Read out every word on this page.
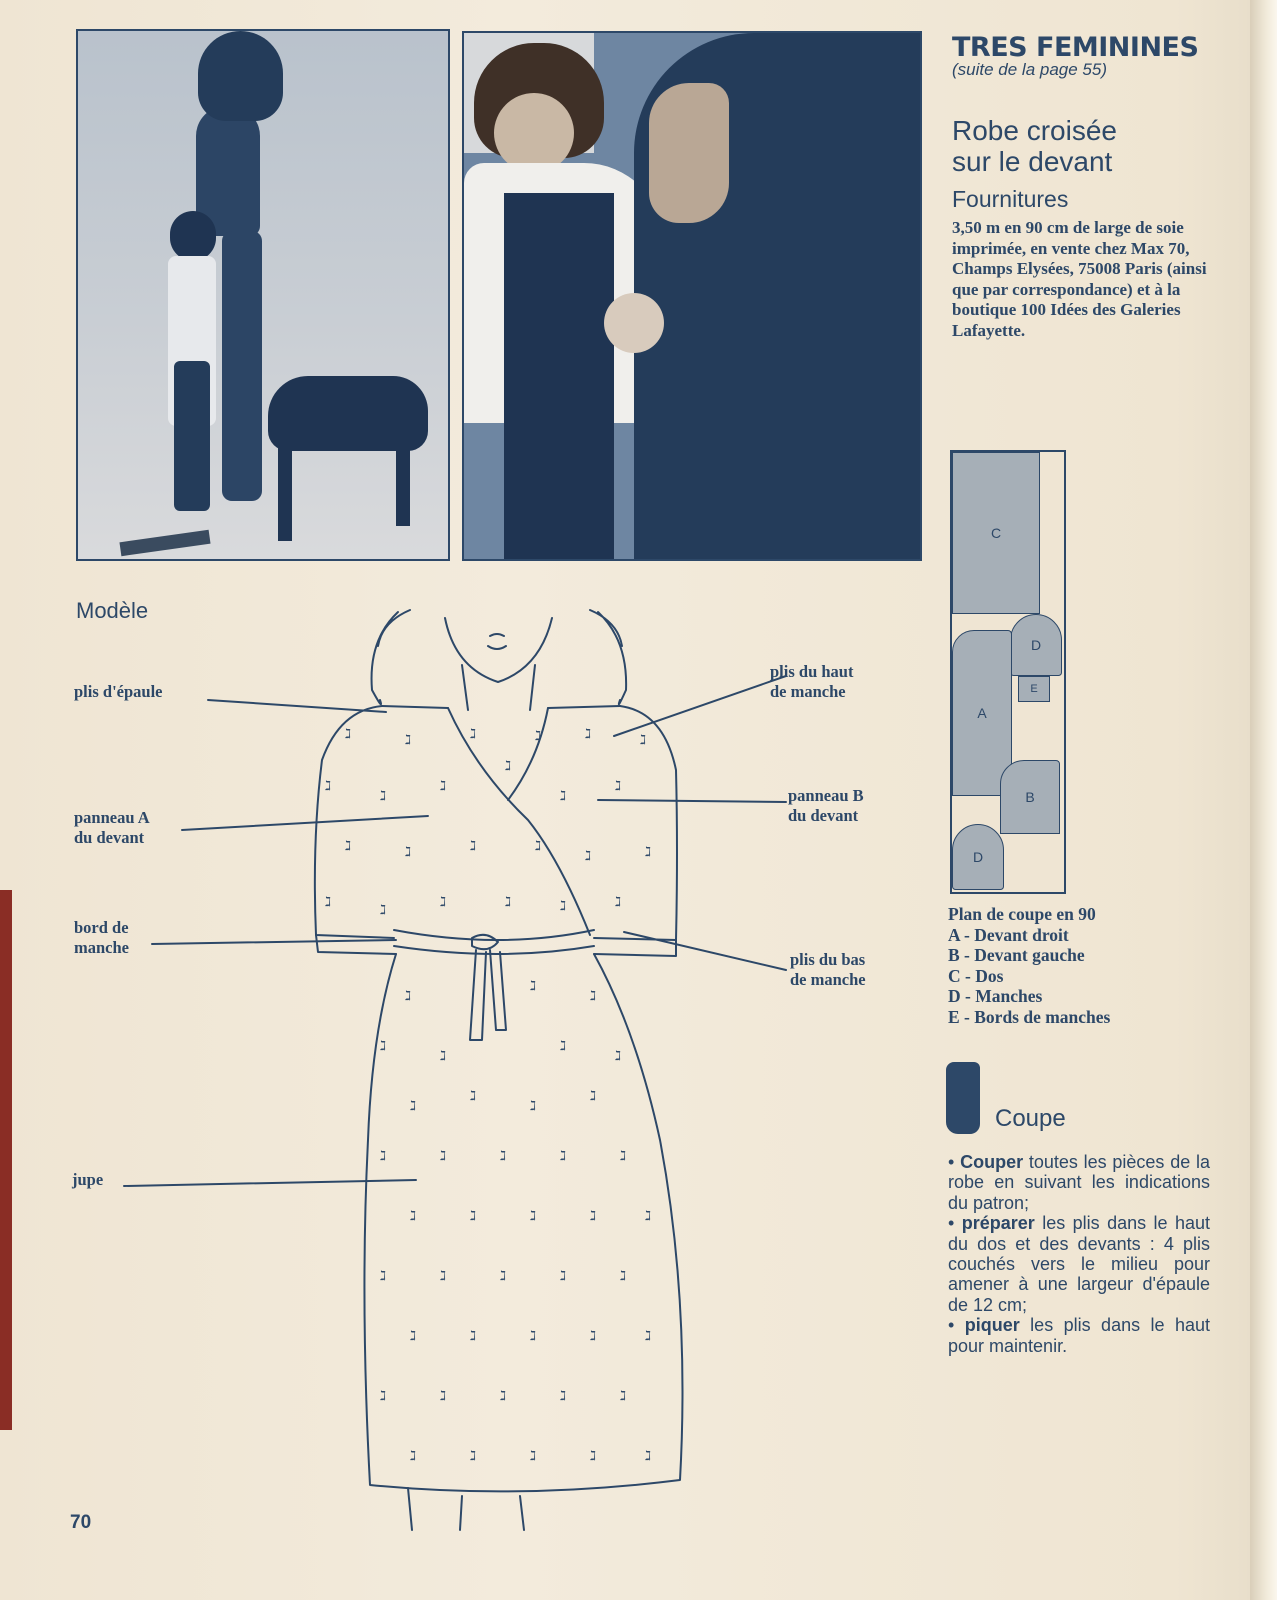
TRES FEMININES
(suite de la page 55)
Robe croisée
sur le devant
Fournitures
3,50 m en 90 cm de large de soie imprimée, en vente chez Max 70, Champs Elysées, 75008 Paris (ainsi que par correspondance) et à la boutique 100 Idées des Galeries Lafayette.
C
D
E
A
B
D
Plan de coupe en 90
A - Devant droit
B - Devant gauche
C - Dos
D - Manches
E - Bords de manches
Coupe
• Couper toutes les pièces de la robe en suivant les indications du patron;
• préparer les plis dans le haut du dos et des devants : 4 plis couchés vers le milieu pour amener à une largeur d'épaule de 12 cm;
• piquer les plis dans le haut pour maintenir.
Modèle
ℷ	ℷ	ℷ	ℷ	ℷ	ℷ
ℷ
ℷ
ℷ
ℷ
ℷ
ℷ
ℷ	ℷ	ℷ	ℷ
ℷ	ℷ
ℷ
ℷ
ℷ	ℷ	ℷ	ℷ
ℷ
ℷ
ℷ
ℷ
ℷ
ℷ
ℷ
ℷ
ℷ
ℷ
ℷ
ℷ	ℷ	ℷ	ℷ	ℷ
ℷ	ℷ	ℷ	ℷ	ℷ
ℷ	ℷ	ℷ	ℷ	ℷ
ℷ	ℷ	ℷ	ℷ	ℷ
ℷ	ℷ	ℷ	ℷ	ℷ
ℷ	ℷ	ℷ	ℷ	ℷ
plis d'épaule
plis du haut
de manche
panneau B
du devant
panneau A
du devant
bord de
manche
plis du bas
de manche
jupe
70
